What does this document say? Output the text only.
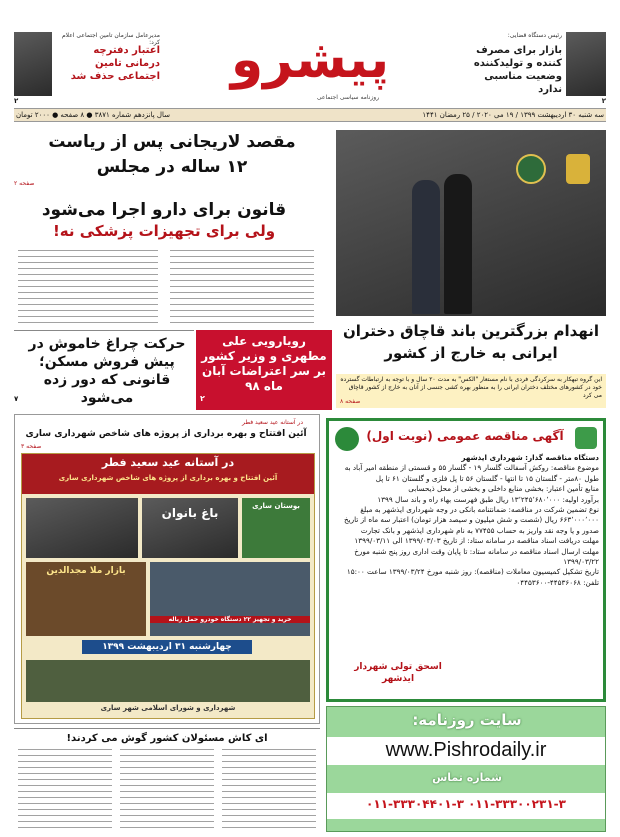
مدیرعامل سازمان تامین اجتماعی اعلام کرد:
اعتبار دفترچه درمانی تامین اجتماعی حذف شد
۲
پیشرو
روزنامه سیاسی اجتماعی
رئیس دستگاه قضایی:
بازار برای مصرف کننده و تولیدکننده وضعیت مناسبی ندارد
۲
سال پانزدهم شماره ۳۸۷۱ ● ۸ صفحه ● ۲۰۰۰ تومان	سه شنبه ۳۰ اردیبهشت ۱۳۹۹ / ۱۹ می ۲۰۲۰ / ۲۵ رمضان ۱۴۴۱
مقصد لاریجانی پس از ریاست ۱۲ ساله در مجلس
صفحه ۲
قانون برای دارو اجرا می‌شود
ولی برای تجهیزات پزشکی نه!
حرکت چراغ خاموش در پیش فروش مسکن؛ قانونی که دور زده می‌شود
۷
رویارویی علی مطهری و وزیر کشور بر سر اعتراضات آبان ماه ۹۸
۲
انهدام بزرگترین باند قاچاق دختران ایرانی به خارج از کشور
این گروه تبهکار به سرکردگی فردی با نام مستعار "الکس" به مدت ۲۰ سال و با توجه به ارتباطات گسترده خود در کشورهای مختلف دختران ایرانی را به منظور بهره کشی جنسی از آنان به خارج از کشور قاچاق می کرد
صفحه ۸
در آستانه عید سعید فطر
آئین افتتاح و بهره برداری از پروژه های شاخص شهرداری ساری
صفحه ۳
در آستانه عید سعید فطر
آئین افتتاح و بهره برداری از پروژه های شاخص شهرداری ساری
باغ بانوان	بوستان ساری
بازار ملا مجدالدین
خرید و تجهیز ۲۲ دستگاه خودرو حمل زباله
چهارشنبه ۳۱ اردیبهشت ۱۳۹۹
شهرداری و شورای اسلامی شهر ساری
آگهی مناقصه عمومی (نوبت اول)
دستگاه مناقصه گذار: شهرداری ایذشهر
موضوع مناقصه: روکش آسفالت گلسار ۱۹ - گلسار ۵۵ و قسمتی از منطقه امیر آباد به طول ۸۰متر - گلستان ۱۵ تا انتها - گلستان ۵۶ تا پل فلزی و گلستان ۶۱ تا پل
منابع تأمین اعتبار: بخشی منابع داخلی و بخشی از محل ذیحسابی
برآورد اولیه: ۱۳٬۲۴۵٬۶۸۰٬۰۰۰ ریال طبق فهرست بهاء راه و باند سال ۱۳۹۹
نوع تضمین شرکت در مناقصه: ضمانتنامه بانکی در وجه شهرداری ایذشهر به مبلغ ۶۶۳٬۰۰۰٬۰۰۰ ریال (شصت و شش میلیون و سیصد هزار تومان) اعتبار سه ماه از تاریخ صدور و یا وجه نقد واریز به حساب ۷۷۴۵۵ به نام شهرداری ایذشهر و بانک تجارت
مهلت دریافت اسناد مناقصه در سامانه ستاد: از تاریخ ۱۳۹۹/۰۳/۰۳ الی ۱۳۹۹/۰۳/۱۱
مهلت ارسال اسناد مناقصه در سامانه ستاد: تا پایان وقت اداری روز پنج شنبه مورخ ۱۳۹۹/۰۳/۲۲
تاریخ تشکیل کمیسیون معاملات (مناقصه): روز شنبه مورخ ۱۳۹۹/۰۳/۲۴ ساعت ۱۵:۰۰
تلفن: ۴۴۵۳۶۰۶۸-۰۴۴۵۳۶۰۰
اسحق تولی شهردار ایذشهر
ای کاش مسئولان کشور گوش می کردند!
سایت روزنامه:
www.Pishrodaily.ir
شماره تماس
۰۱۱-۳۳۳۰۰۲۳۱-۳ ۰۱۱-۳۳۳۰۴۴۰۱-۳
